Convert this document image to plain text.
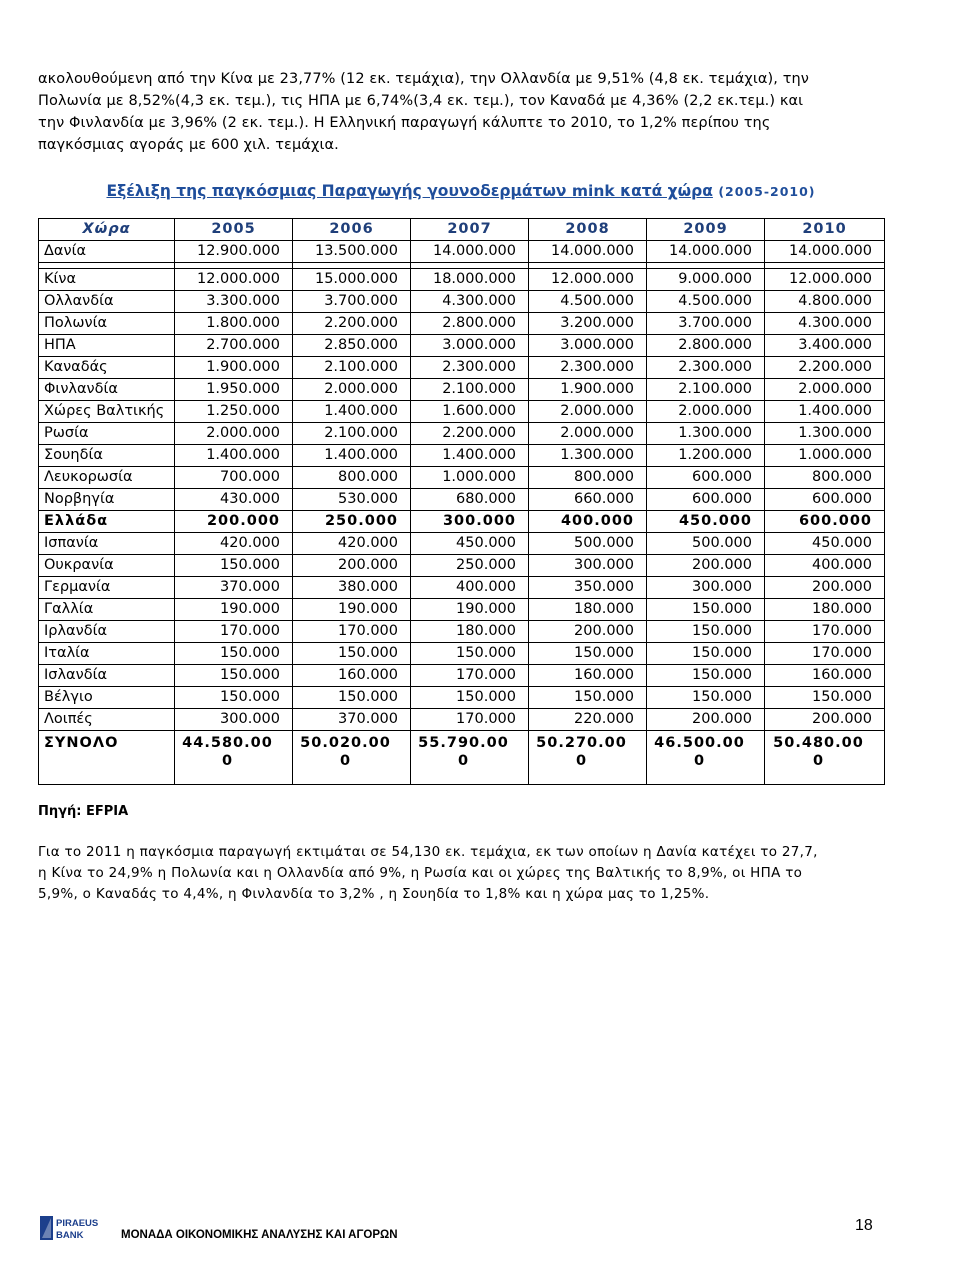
ακολουθούμενη από την Κίνα με 23,77% (12 εκ. τεμάχια), την Ολλανδία με 9,51% (4,8 εκ. τεμάχια), την

Πολωνία με 8,52%(4,3 εκ. τεμ.), τις ΗΠΑ με 6,74%(3,4 εκ. τεμ.), τον Καναδά με 4,36% (2,2 εκ.τεμ.) και

την Φινλανδία με 3,96% (2 εκ. τεμ.). Η Ελληνική παραγωγή κάλυπτε το 2010, το 1,2% περίπου της

παγκόσμιας αγοράς με 600 χιλ. τεμάχια.

Εξέλιξη της παγκόσμιας Παραγωγής γουνοδερμάτων mink κατά χώρα (2005-2010)
Χώρα	2005	2006	2007	2008	2009	2010
Δανία	12.900.000	13.500.000	14.000.000	14.000.000	14.000.000	14.000.000

Κίνα	12.000.000	15.000.000	18.000.000	12.000.000	9.000.000	12.000.000
Ολλανδία	3.300.000	3.700.000	4.300.000	4.500.000	4.500.000	4.800.000
Πολωνία	1.800.000	2.200.000	2.800.000	3.200.000	3.700.000	4.300.000
ΗΠΑ	2.700.000	2.850.000	3.000.000	3.000.000	2.800.000	3.400.000
Καναδάς	1.900.000	2.100.000	2.300.000	2.300.000	2.300.000	2.200.000
Φινλανδία	1.950.000	2.000.000	2.100.000	1.900.000	2.100.000	2.000.000
Χώρες Βαλτικής	1.250.000	1.400.000	1.600.000	2.000.000	2.000.000	1.400.000
Ρωσία	2.000.000	2.100.000	2.200.000	2.000.000	1.300.000	1.300.000
Σουηδία	1.400.000	1.400.000	1.400.000	1.300.000	1.200.000	1.000.000
Λευκορωσία	700.000	800.000	1.000.000	800.000	600.000	800.000
Νορβηγία	430.000	530.000	680.000	660.000	600.000	600.000
Ελλάδα	200.000	250.000	300.000	400.000	450.000	600.000
Ισπανία	420.000	420.000	450.000	500.000	500.000	450.000
Ουκρανία	150.000	200.000	250.000	300.000	200.000	400.000
Γερμανία	370.000	380.000	400.000	350.000	300.000	200.000
Γαλλία	190.000	190.000	190.000	180.000	150.000	180.000
Ιρλανδία	170.000	170.000	180.000	200.000	150.000	170.000
Ιταλία	150.000	150.000	150.000	150.000	150.000	170.000
Ισλανδία	150.000	160.000	170.000	160.000	150.000	160.000
Βέλγιο	150.000	150.000	150.000	150.000	150.000	150.000
Λοιπές	300.000	370.000	170.000	220.000	200.000	200.000
ΣΥΝΟΛΟ	44.580.000	50.020.000	55.790.000	50.270.000	46.500.000	50.480.000
Πηγή: EFPIA

Για το 2011 η παγκόσμια παραγωγή εκτιμάται σε 54,130 εκ. τεμάχια, εκ των οποίων η Δανία κατέχει το 27,7,

η Κίνα το 24,9% η Πολωνία και η Ολλανδία από 9%, η Ρωσία και οι χώρες της Βαλτικής το 8,9%, οι ΗΠΑ το

5,9%, ο Καναδάς το 4,4%, η Φινλανδία το 3,2% , η Σουηδία το 1,8% και η χώρα μας το 1,25%.

PIRAEUS
BANK	ΜΟΝΑΔΑ ΟΙΚΟΝΟΜΙΚΗΣ ΑΝΑΛΥΣΗΣ ΚΑΙ ΑΓΟΡΩΝ
18
